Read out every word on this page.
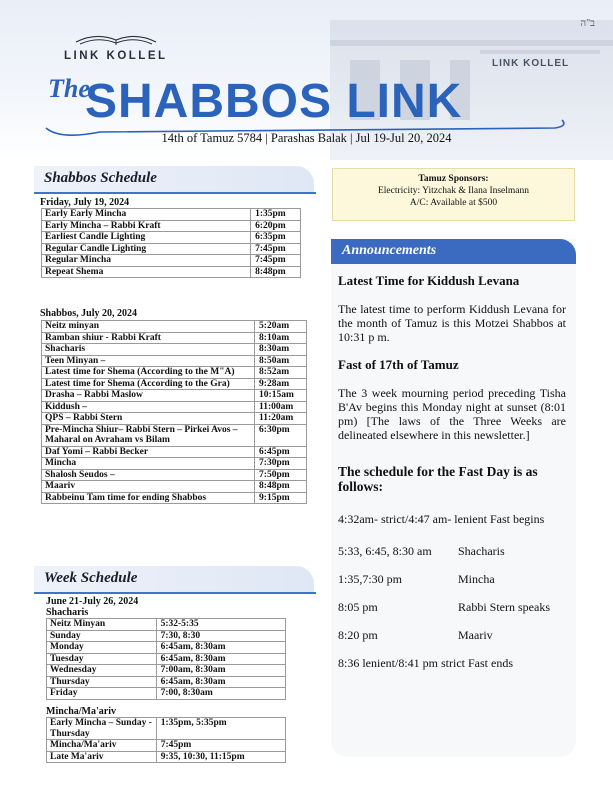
LINK KOLLEL
ב"ה
LINK KOLLEL
The
SHABBOS LINK
14th of Tamuz 5784 | Parashas Balak | Jul 19-Jul 20, 2024
Shabbos Schedule
Friday, July 19, 2024
Early Early Mincha	1:35pm
Early Mincha – Rabbi Kraft	6:20pm
Earliest Candle Lighting	6:35pm
Regular Candle Lighting	7:45pm
Regular Mincha	7:45pm
Repeat Shema	8:48pm
Shabbos, July 20, 2024
Neitz minyan	5:20am
Ramban shiur - Rabbi Kraft	8:10am
Shacharis	8:30am
Teen Minyan –	8:50am
Latest time for Shema (According to the M"A)	8:52am
Latest time for Shema (According to the Gra)	9:28am
Drasha – Rabbi Maslow	10:15am
Kiddush –	11:00am
QPS – Rabbi Stern	11:20am
Pre-Mincha Shiur– Rabbi Stern – Pirkei Avos – Maharal on Avraham vs Bilam	6:30pm
Daf Yomi – Rabbi Becker	6:45pm
Mincha	7:30pm
Shalosh Seudos –	7:50pm
Maariv	8:48pm
Rabbeinu Tam time for ending Shabbos	9:15pm
Week Schedule
June 21-July 26, 2024
Shacharis
Neitz Minyan	5:32-5:35
Sunday	7:30, 8:30
Monday	6:45am, 8:30am
Tuesday	6:45am, 8:30am
Wednesday	7:00am, 8:30am
Thursday	6:45am, 8:30am
Friday	7:00, 8:30am
Mincha/Ma'ariv
Early Mincha – Sunday - Thursday	1:35pm, 5:35pm
Mincha/Ma'ariv	7:45pm
Late Ma'ariv	9:35, 10:30, 11:15pm
Tamuz Sponsors:
Electricity: Yitzchak & Ilana Inselmann
A/C: Available at $500
Announcements
Latest Time for Kiddush Levana
The latest time to perform Kiddush Levana for the month of Tamuz is this Motzei Shabbos at 10:31 p m.
Fast of 17th of Tamuz
The 3 week mourning period preceding Tisha B'Av begins this Monday night at sunset (8:01 pm) [The laws of the Three Weeks are delineated elsewhere in this newsletter.]
The schedule for the Fast Day is as follows:
4:32am- strict/4:47 am- lenient Fast begins
5:33, 6:45, 8:30 am	Shacharis
1:35,7:30 pm	Mincha
8:05 pm	Rabbi Stern speaks
8:20 pm	Maariv
8:36 lenient/8:41 pm strict Fast ends
